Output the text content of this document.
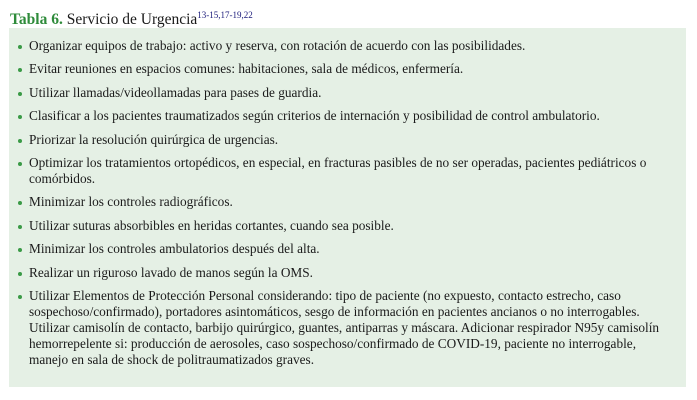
Tabla 6. Servicio de Urgencia$^{13-15,17-19,22}$
Organizar equipos de trabajo: activo y reserva, con rotación de acuerdo con las posibilidades.
Evitar reuniones en espacios comunes: habitaciones, sala de médicos, enfermería.
Utilizar llamadas/videollamadas para pases de guardia.
Clasificar a los pacientes traumatizados según criterios de internación y posibilidad de control ambulatorio.
Priorizar la resolución quirúrgica de urgencias.
Optimizar los tratamientos ortopédicos, en especial, en fracturas pasibles de no ser operadas, pacientes pediátricos o comórbidos.
Minimizar los controles radiográficos.
Utilizar suturas absorbibles en heridas cortantes, cuando sea posible.
Minimizar los controles ambulatorios después del alta.
Realizar un riguroso lavado de manos según la OMS.
Utilizar Elementos de Protección Personal considerando: tipo de paciente (no expuesto, contacto estrecho, caso sospechoso/confirmado), portadores asintomáticos, sesgo de información en pacientes ancianos o no interrogables. Utilizar camisolín de contacto, barbijo quirúrgico, guantes, antiparras y máscara. Adicionar respirador N95y camisolín hemorrepelente si: producción de aerosoles, caso sospechoso/confirmado de COVID-19, paciente no interrogable, manejo en sala de shock de politraumatizados graves.
